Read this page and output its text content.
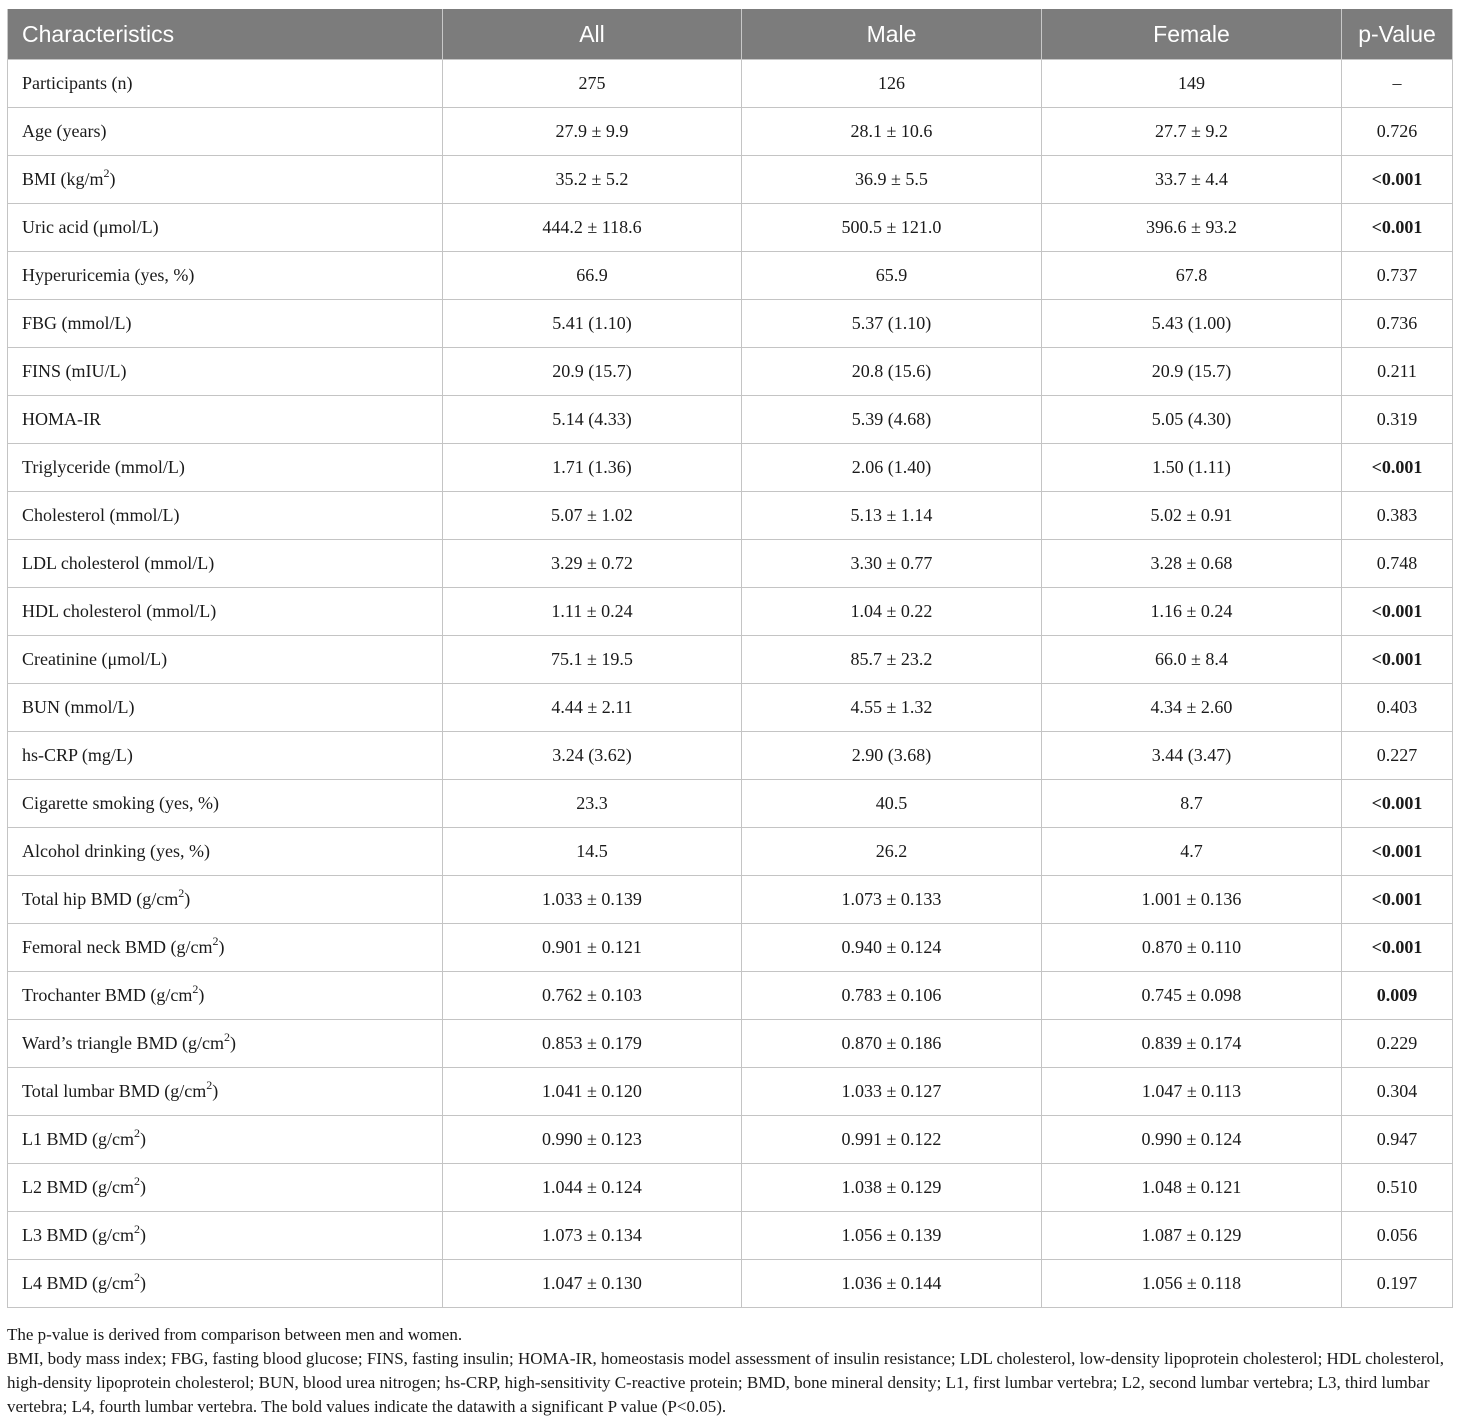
Characteristics	All	Male	Female	p-Value
Participants (n)	275	126	149	–
Age (years)	27.9 ± 9.9	28.1 ± 10.6	27.7 ± 9.2	0.726
BMI $(kg/m^2)$	35.2 ± 5.2	36.9 ± 5.5	33.7 ± 4.4	<0.001
Uric acid (μmol/L)	444.2 ± 118.6	500.5 ± 121.0	396.6 ± 93.2	<0.001
Hyperuricemia (yes, %)	66.9	65.9	67.8	0.737
FBG (mmol/L)	5.41 (1.10)	5.37 (1.10)	5.43 (1.00)	0.736
FINS (mIU/L)	20.9 (15.7)	20.8 (15.6)	20.9 (15.7)	0.211
HOMA-IR	5.14 (4.33)	5.39 (4.68)	5.05 (4.30)	0.319
Triglyceride (mmol/L)	1.71 (1.36)	2.06 (1.40)	1.50 (1.11)	<0.001
Cholesterol (mmol/L)	5.07 ± 1.02	5.13 ± 1.14	5.02 ± 0.91	0.383
LDL cholesterol (mmol/L)	3.29 ± 0.72	3.30 ± 0.77	3.28 ± 0.68	0.748
HDL cholesterol (mmol/L)	1.11 ± 0.24	1.04 ± 0.22	1.16 ± 0.24	<0.001
Creatinine (μmol/L)	75.1 ± 19.5	85.7 ± 23.2	66.0 ± 8.4	<0.001
BUN (mmol/L)	4.44 ± 2.11	4.55 ± 1.32	4.34 ± 2.60	0.403
hs-CRP (mg/L)	3.24 (3.62)	2.90 (3.68)	3.44 (3.47)	0.227
Cigarette smoking (yes, %)	23.3	40.5	8.7	<0.001
Alcohol drinking (yes, %)	14.5	26.2	4.7	<0.001
Total hip BMD $(g/cm^2)$	1.033 ± 0.139	1.073 ± 0.133	1.001 ± 0.136	<0.001
Femoral neck BMD $(g/cm^2)$	0.901 ± 0.121	0.940 ± 0.124	0.870 ± 0.110	<0.001
Trochanter BMD $(g/cm^2)$	0.762 ± 0.103	0.783 ± 0.106	0.745 ± 0.098	0.009
Ward’s triangle BMD $(g/cm^2)$	0.853 ± 0.179	0.870 ± 0.186	0.839 ± 0.174	0.229
Total lumbar BMD $(g/cm^2)$	1.041 ± 0.120	1.033 ± 0.127	1.047 ± 0.113	0.304
L1 BMD $(g/cm^2)$	0.990 ± 0.123	0.991 ± 0.122	0.990 ± 0.124	0.947
L2 BMD $(g/cm^2)$	1.044 ± 0.124	1.038 ± 0.129	1.048 ± 0.121	0.510
L3 BMD $(g/cm^2)$	1.073 ± 0.134	1.056 ± 0.139	1.087 ± 0.129	0.056
L4 BMD $(g/cm^2)$	1.047 ± 0.130	1.036 ± 0.144	1.056 ± 0.118	0.197

The p-value is derived from comparison between men and women.

BMI, body mass index; FBG, fasting blood glucose; FINS, fasting insulin; HOMA-IR, homeostasis model assessment of insulin resistance; LDL cholesterol, low-density lipoprotein cholesterol; HDL cholesterol, high-density lipoprotein cholesterol; BUN, blood urea nitrogen; hs-CRP, high-sensitivity C-reactive protein; BMD, bone mineral density; L1, first lumbar vertebra; L2, second lumbar vertebra; L3, third lumbar vertebra; L4, fourth lumbar vertebra. The bold values indicate the datawith a significant P value (P<0.05).
